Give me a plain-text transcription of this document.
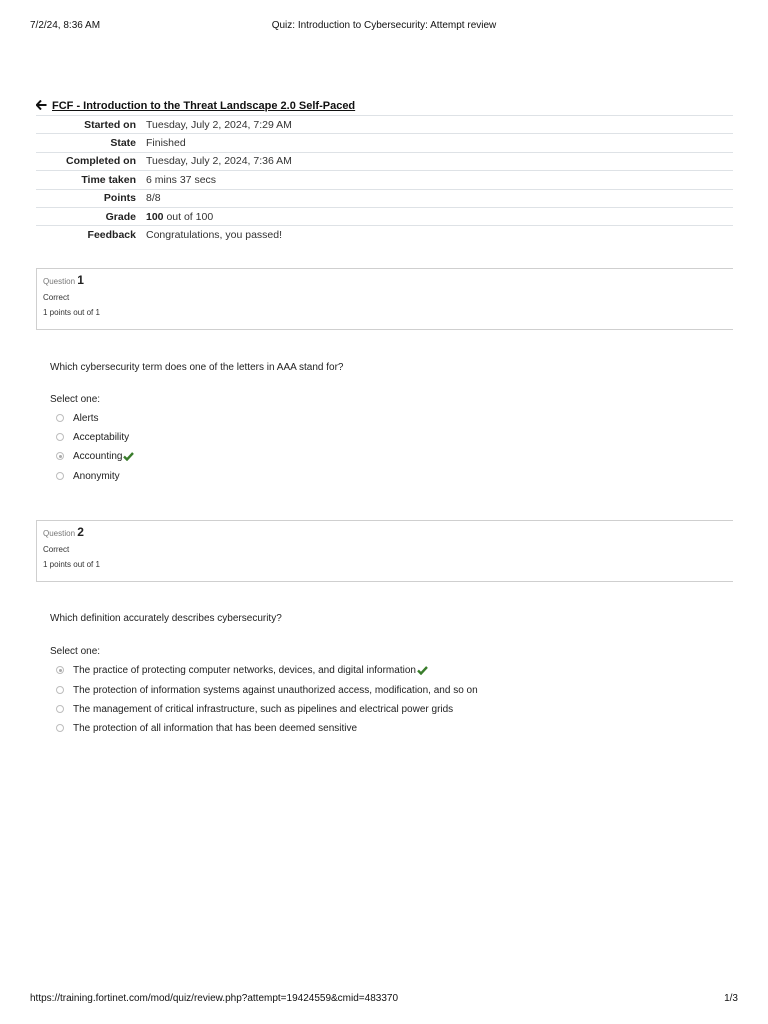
7/2/24, 8:36 AM	Quiz: Introduction to Cybersecurity: Attempt review
FCF - Introduction to the Threat Landscape 2.0 Self-Paced
Started on	Tuesday, July 2, 2024, 7:29 AM
State	Finished
Completed on	Tuesday, July 2, 2024, 7:36 AM
Time taken	6 mins 37 secs
Points	8/8
Grade	100 out of 100
Feedback	Congratulations, you passed!
Question 1
Correct
1 points out of 1
Which cybersecurity term does one of the letters in AAA stand for?
Select one:
Alerts
Acceptability
Accounting
Anonymity
Question 2
Correct
1 points out of 1
Which definition accurately describes cybersecurity?
Select one:
The practice of protecting computer networks, devices, and digital information
The protection of information systems against unauthorized access, modification, and so on
The management of critical infrastructure, such as pipelines and electrical power grids
The protection of all information that has been deemed sensitive
https://training.fortinet.com/mod/quiz/review.php?attempt=19424559&cmid=483370	1/3
